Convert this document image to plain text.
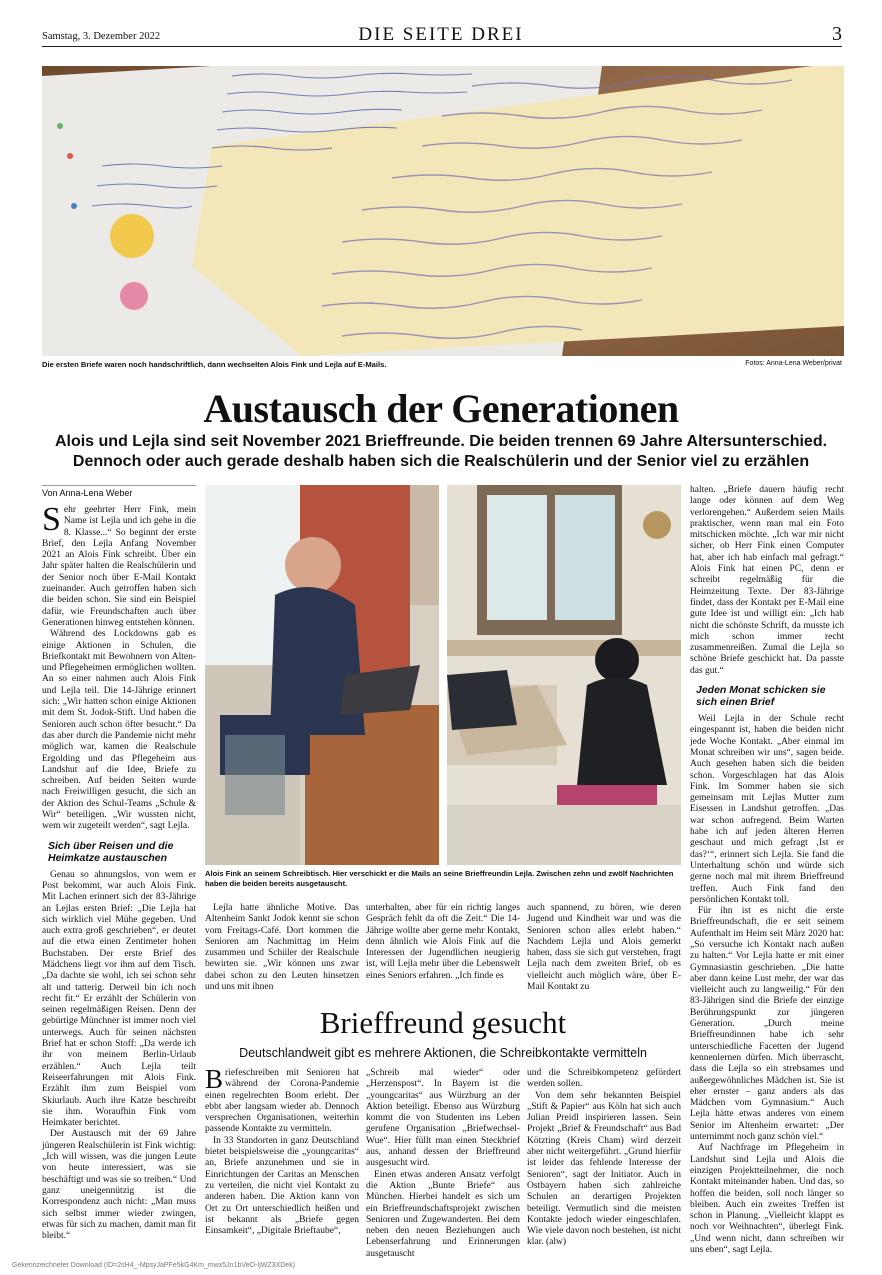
Samstag, 3. Dezember 2022	DIE SEITE DREI	3
Die ersten Briefe waren noch handschriftlich, dann wechselten Alois Fink und Lejla auf E-Mails.	Fotos: Anna-Lena Weber/privat
Austausch der Generationen
Alois und Lejla sind seit November 2021 Brieffreunde. Die beiden trennen 69 Jahre Altersunterschied.
Dennoch oder auch gerade deshalb haben sich die Realschülerin und der Senior viel zu erzählen
Von Anna-Lena Weber

Sehr geehrter Herr Fink, mein Name ist Lejla und ich gehe in die 8. Klasse...“ So beginnt der erste Brief, den Lejla Anfang November 2021 an Alois Fink schreibt. Über ein Jahr später halten die Realschülerin und der Senior noch über E-Mail Kontakt zueinander. Auch getroffen haben sich die beiden schon. Sie sind ein Beispiel dafür, wie Freundschaften auch über Generationen hinweg entstehen können.

Während des Lockdowns gab es einige Aktionen in Schulen, die Briefkontakt mit Bewohnern von Alten- und Pflegeheimen ermöglichen wollten. An so einer nahmen auch Alois Fink und Lejla teil. Die 14-Jährige erinnert sich: „Wir hatten schon einige Aktionen mit dem St. Jodok-Stift. Und haben die Senioren auch schon öfter besucht.“ Da das aber durch die Pandemie nicht mehr möglich war, kamen die Realschule Ergolding und das Pflegeheim aus Landshut auf die Idee, Briefe zu schreiben. Auf beiden Seiten wurde nach Freiwilligen gesucht, die sich an der Aktion des Schul-Teams „Schule & Wir“ beteiligen. „Wir wussten nicht, wem wir zugeteilt werden“, sagt Lejla.

Sich über Reisen und die Heimkatze austauschen

Genau so ahnungslos, von wem er Post bekommt, war auch Alois Fink. Mit Lachen erinnert sich der 83-Jährige an Lejlas ersten Brief: „Die Lejla hat sich wirklich viel Mühe gegeben. Und auch extra groß geschrieben“, er deutet auf die etwa einen Zentimeter hohen Buchstaben. Der erste Brief des Mädchens liegt vor ihm auf dem Tisch. „Da dachte sie wohl, ich sei schon sehr alt und tatterig. Derweil bin ich noch recht fit.“ Er erzählt der Schülerin von seinen regelmäßigen Reisen. Denn der gebürtige Münchner ist immer noch viel unterwegs. Auch für seinen nächsten Brief hat er schon Stoff: „Da werde ich ihr von meinem Berlin-Urlaub erzählen.“ Auch Lejla teilt Reiseerfahrungen mit Alois Fink. Erzählt ihm zum Beispiel vom Skiurlaub. Auch ihre Katze beschreibt sie ihm. Woraufhin Fink vom Heimkater berichtet.

Der Austausch mit der 69 Jahre jüngeren Realschülerin ist Fink wichtig: „Ich will wissen, was die jungen Leute von heute interessiert, was sie beschäftigt und was sie so treiben.“ Und ganz uneigennützig ist die Korrespondenz auch nicht: „Man muss sich selbst immer wieder zwingen, etwas für sich zu machen, damit man fit bleibt.“

Alois Fink an seinem Schreibtisch. Hier verschickt er die Mails an seine Brieffreundin Lejla. Zwischen zehn und zwölf Nachrichten haben die beiden bereits ausgetauscht.

Lejla hatte ähnliche Motive. Das Altenheim Sankt Jodok kennt sie schon vom Freitags-Café. Dort kommen die Senioren am Nachmittag im Heim zusammen und Schüler der Realschule bewirten sie. „Wir können uns zwar dabei schon zu den Leuten hinsetzen und uns mit ihnen

unterhalten, aber für ein richtig langes Gespräch fehlt da oft die Zeit.“ Die 14-Jährige wollte aber gerne mehr Kontakt, denn ähnlich wie Alois Fink auf die Interessen der Jugendlichen neugierig ist, will Lejla mehr über die Lebenswelt eines Seniors erfahren. „Ich finde es

auch spannend, zu hören, wie deren Jugend und Kindheit war und was die Senioren schon alles erlebt haben.“ Nachdem Lejla und Alois gemerkt haben, dass sie sich gut verstehen, fragt Lejla nach dem zweiten Brief, ob es vielleicht auch möglich wäre, über E-Mail Kontakt zu

halten. „Briefe dauern häufig recht lange oder können auf dem Weg verlorengehen.“ Außerdem seien Mails praktischer, wenn man mal ein Foto mitschicken möchte. „Ich war mir nicht sicher, ob Herr Fink einen Computer hat, aber ich hab einfach mal gefragt.“ Alois Fink hat einen PC, denn er schreibt regelmäßig für die Heimzeitung Texte. Der 83-Jährige findet, dass der Kontakt per E-Mail eine gute Idee ist und willigt ein: „Ich hab nicht die schönste Schrift, da musste ich mich schon immer recht zusammenreißen. Zumal die Lejla so schöne Briefe geschickt hat. Da passte das gut.“

Jeden Monat schicken sie sich einen Brief

Weil Lejla in der Schule recht eingespannt ist, haben die beiden nicht jede Woche Kontakt. „Aber einmal im Monat schreiben wir uns“, sagen beide. Auch gesehen haben sich die beiden schon. Vorgeschlagen hat das Alois Fink. Im Sommer haben sie sich gemeinsam mit Lejlas Mutter zum Eisessen in Landshut getroffen. „Das war schon aufregend. Beim Warten habe ich auf jeden älteren Herren geschaut und mich gefragt ‚Ist er das?‘“, erinnert sich Lejla. Sie fand die Unterhaltung schön und würde sich gerne noch mal mit ihrem Brieffreund treffen. Auch Fink fand den persönlichen Kontakt toll.

Für ihn ist es nicht die erste Brieffreundschaft, die er seit seinem Aufenthalt im Heim seit März 2020 hat: „So versuche ich Kontakt nach außen zu halten.“ Vor Lejla hatte er mit einer Gymnasiastin geschrieben. „Die hatte aber dann keine Lust mehr, der war das vielleicht auch zu langweilig.“ Für den 83-Jährigen sind die Briefe der einzige Berührungspunkt zur jüngeren Generation. „Durch meine Brieffreundinnen habe ich sehr unterschiedliche Facetten der Jugend kennenlernen dürfen. Mich überrascht, dass die Lejla so ein strebsames und außergewöhnliches Mädchen ist. Sie ist eher ernster – ganz anders als das Mädchen vom Gymnasium.“ Auch Lejla hätte etwas anderes von einem Senior im Altenheim erwartet: „Der unternimmt noch ganz schön viel.“

Auf Nachfrage im Pflegeheim in Landshut sind Lejla und Alois die einzigen Projektteilnehmer, die noch Kontakt miteinander haben. Und das, so hoffen die beiden, soll noch länger so bleiben. Auch ein zweites Treffen ist schon in Planung. „Vielleicht klappt es noch vor Weihnachten“, überlegt Fink. „Und wenn nicht, dann schreiben wir uns eben“, sagt Lejla.

Brieffreund gesucht
Deutschlandweit gibt es mehrere Aktionen, die Schreibkontakte vermitteln

Briefeschreiben mit Senioren hat während der Corona-Pandemie einen regelrechten Boom erlebt. Der ebbt aber langsam wieder ab. Dennoch versprechen Organisationen, weiterhin passende Kontakte zu vermitteln.

In 33 Standorten in ganz Deutschland bietet beispielsweise die „youngcaritas“ an, Briefe anzunehmen und sie in Einrichtungen der Caritas an Menschen zu verteilen, die nicht viel Kontakt zu anderen haben. Die Aktion kann von Ort zu Ort unterschiedlich heißen und ist bekannt als „Briefe gegen Einsamkeit“, „Digitale Brieftaube“,

„Schreib mal wieder“ oder „Herzenspost“. In Bayern ist die „youngcaritas“ aus Würzburg an der Aktion beteiligt. Ebenso aus Würzburg kommt die von Studenten ins Leben gerufene Organisation „Briefwechsel-Wue“. Hier füllt man einen Steckbrief aus, anhand dessen der Brieffreund ausgesucht wird.

Einen etwas anderen Ansatz verfolgt die Aktion „Bunte Briefe“ aus München. Hierbei handelt es sich um ein Brieffreundschaftsprojekt zwischen Senioren und Zugewanderten. Bei dem neben den neuen Beziehungen auch Lebenserfahrung und Erinnerungen ausgetauscht

und die Schreibkompetenz gefördert werden sollen.

Von dem sehr bekannten Beispiel „Stift & Papier“ aus Köln hat sich auch Julian Preidl inspirieren lassen. Sein Projekt „Brief & Freundschaft“ aus Bad Kötzting (Kreis Cham) wird derzeit aber nicht weitergeführt. „Grund hierfür ist leider das fehlende Interesse der Senioren“, sagt der Initiator. Auch in Ostbayern haben sich zahlreiche Schulen an derartigen Projekten beteiligt. Vermutlich sind die meisten Kontakte jedoch wieder eingeschlafen. Wie viele davon noch bestehen, ist nicht klar. (alw)

Gekennzeichneter Download (ID=2sH4_-MpsyJaPFe5kG4Km_mwx5Jn1bVeO-IjWZ3XDek)
